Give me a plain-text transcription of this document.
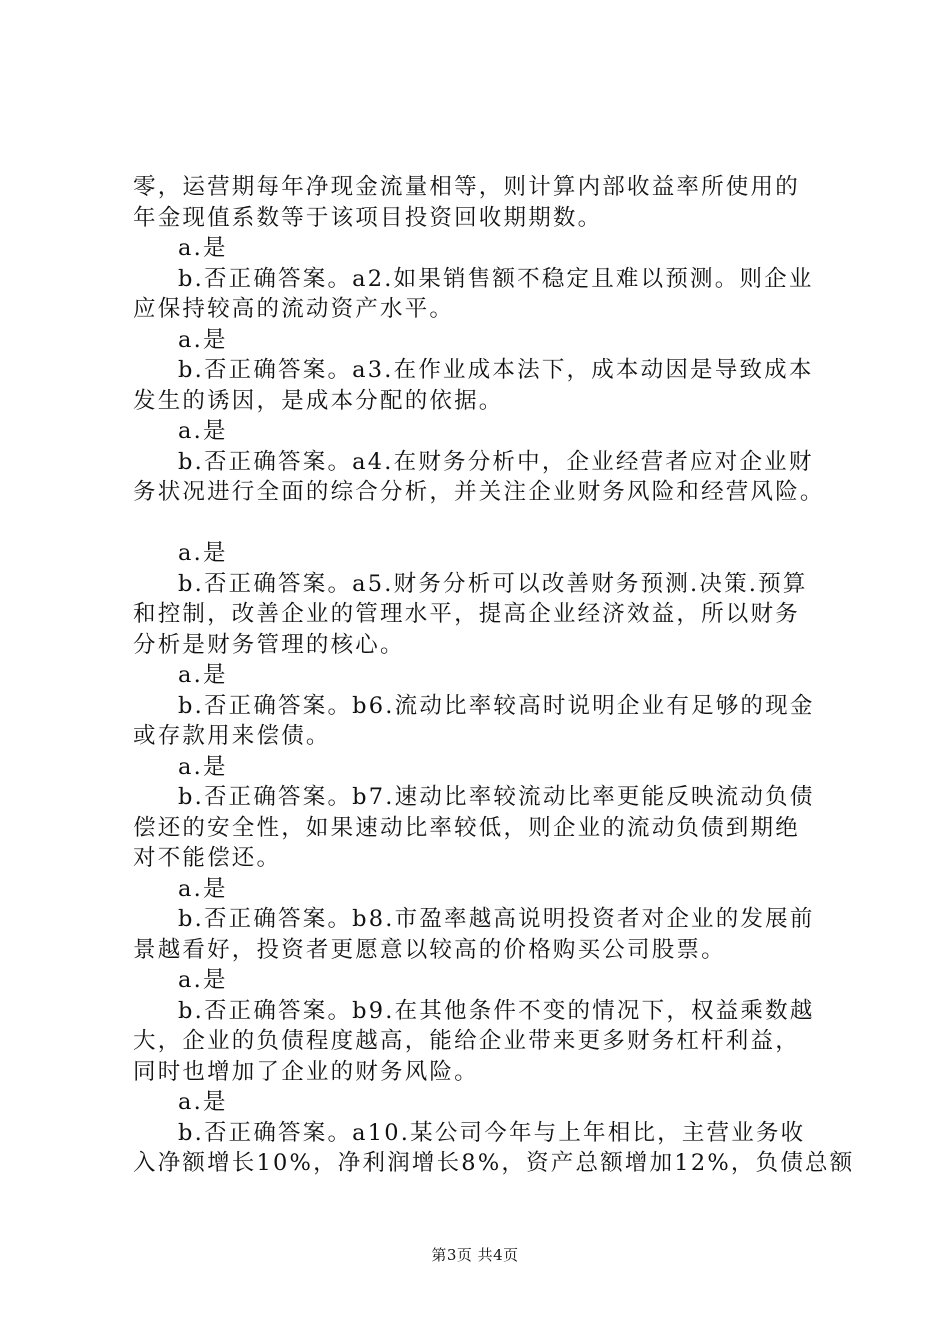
零，运营期每年净现金流量相等，则计算内部收益率所使用的

年金现值系数等于该项目投资回收期期数。

a.是

b.否正确答案。a2.如果销售额不稳定且难以预测。则企业

应保持较高的流动资产水平。

a.是

b.否正确答案。a3.在作业成本法下，成本动因是导致成本

发生的诱因，是成本分配的依据。

a.是

b.否正确答案。a4.在财务分析中，企业经营者应对企业财

务状况进行全面的综合分析，并关注企业财务风险和经营风险。

a.是

b.否正确答案。a5.财务分析可以改善财务预测.决策.预算

和控制，改善企业的管理水平，提高企业经济效益，所以财务

分析是财务管理的核心。

a.是

b.否正确答案。b6.流动比率较高时说明企业有足够的现金

或存款用来偿债。

a.是

b.否正确答案。b7.速动比率较流动比率更能反映流动负债

偿还的安全性，如果速动比率较低，则企业的流动负债到期绝

对不能偿还。

a.是

b.否正确答案。b8.市盈率越高说明投资者对企业的发展前

景越看好，投资者更愿意以较高的价格购买公司股票。

a.是

b.否正确答案。b9.在其他条件不变的情况下，权益乘数越

大，企业的负债程度越高，能给企业带来更多财务杠杆利益，

同时也增加了企业的财务风险。

a.是

b.否正确答案。a10.某公司今年与上年相比，主营业务收

入净额增长10%，净利润增长8%，资产总额增加12%，负债总额

第3页 共4页
